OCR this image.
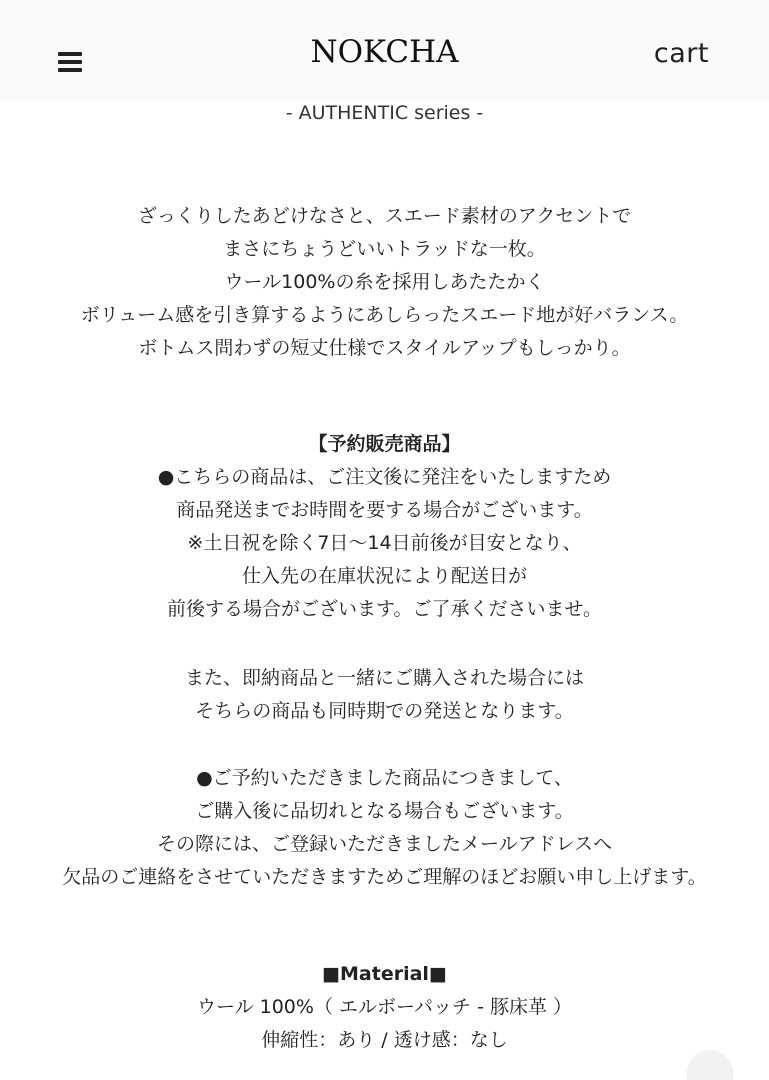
NOKCHA	cart
- AUTHENTIC series -
ざっくりしたあどけなさと、スエード素材のアクセントで
まさにちょうどいいトラッドな一枚。
ウール100%の糸を採用しあたたかく
ボリューム感を引き算するようにあしらったスエード地が好バランス。
ボトムス問わずの短丈仕様でスタイルアップもしっかり。
【予約販売商品】
●こちらの商品は、ご注文後に発注をいたしますため
商品発送までお時間を要する場合がございます。
※土日祝を除く7日～14日前後が目安となり、
仕入先の在庫状況により配送日が
前後する場合がございます。ご了承くださいませ。
また、即納商品と一緒にご購入された場合には
そちらの商品も同時期での発送となります。
●ご予約いただきました商品につきまして、
ご購入後に品切れとなる場合もございます。
その際には、ご登録いただきましたメールアドレスへ
欠品のご連絡をさせていただきますためご理解のほどお願い申し上げます。
■Material■
ウール 100%（ エルボーパッチ - 豚床革 ）
伸縮性：あり / 透け感：なし
